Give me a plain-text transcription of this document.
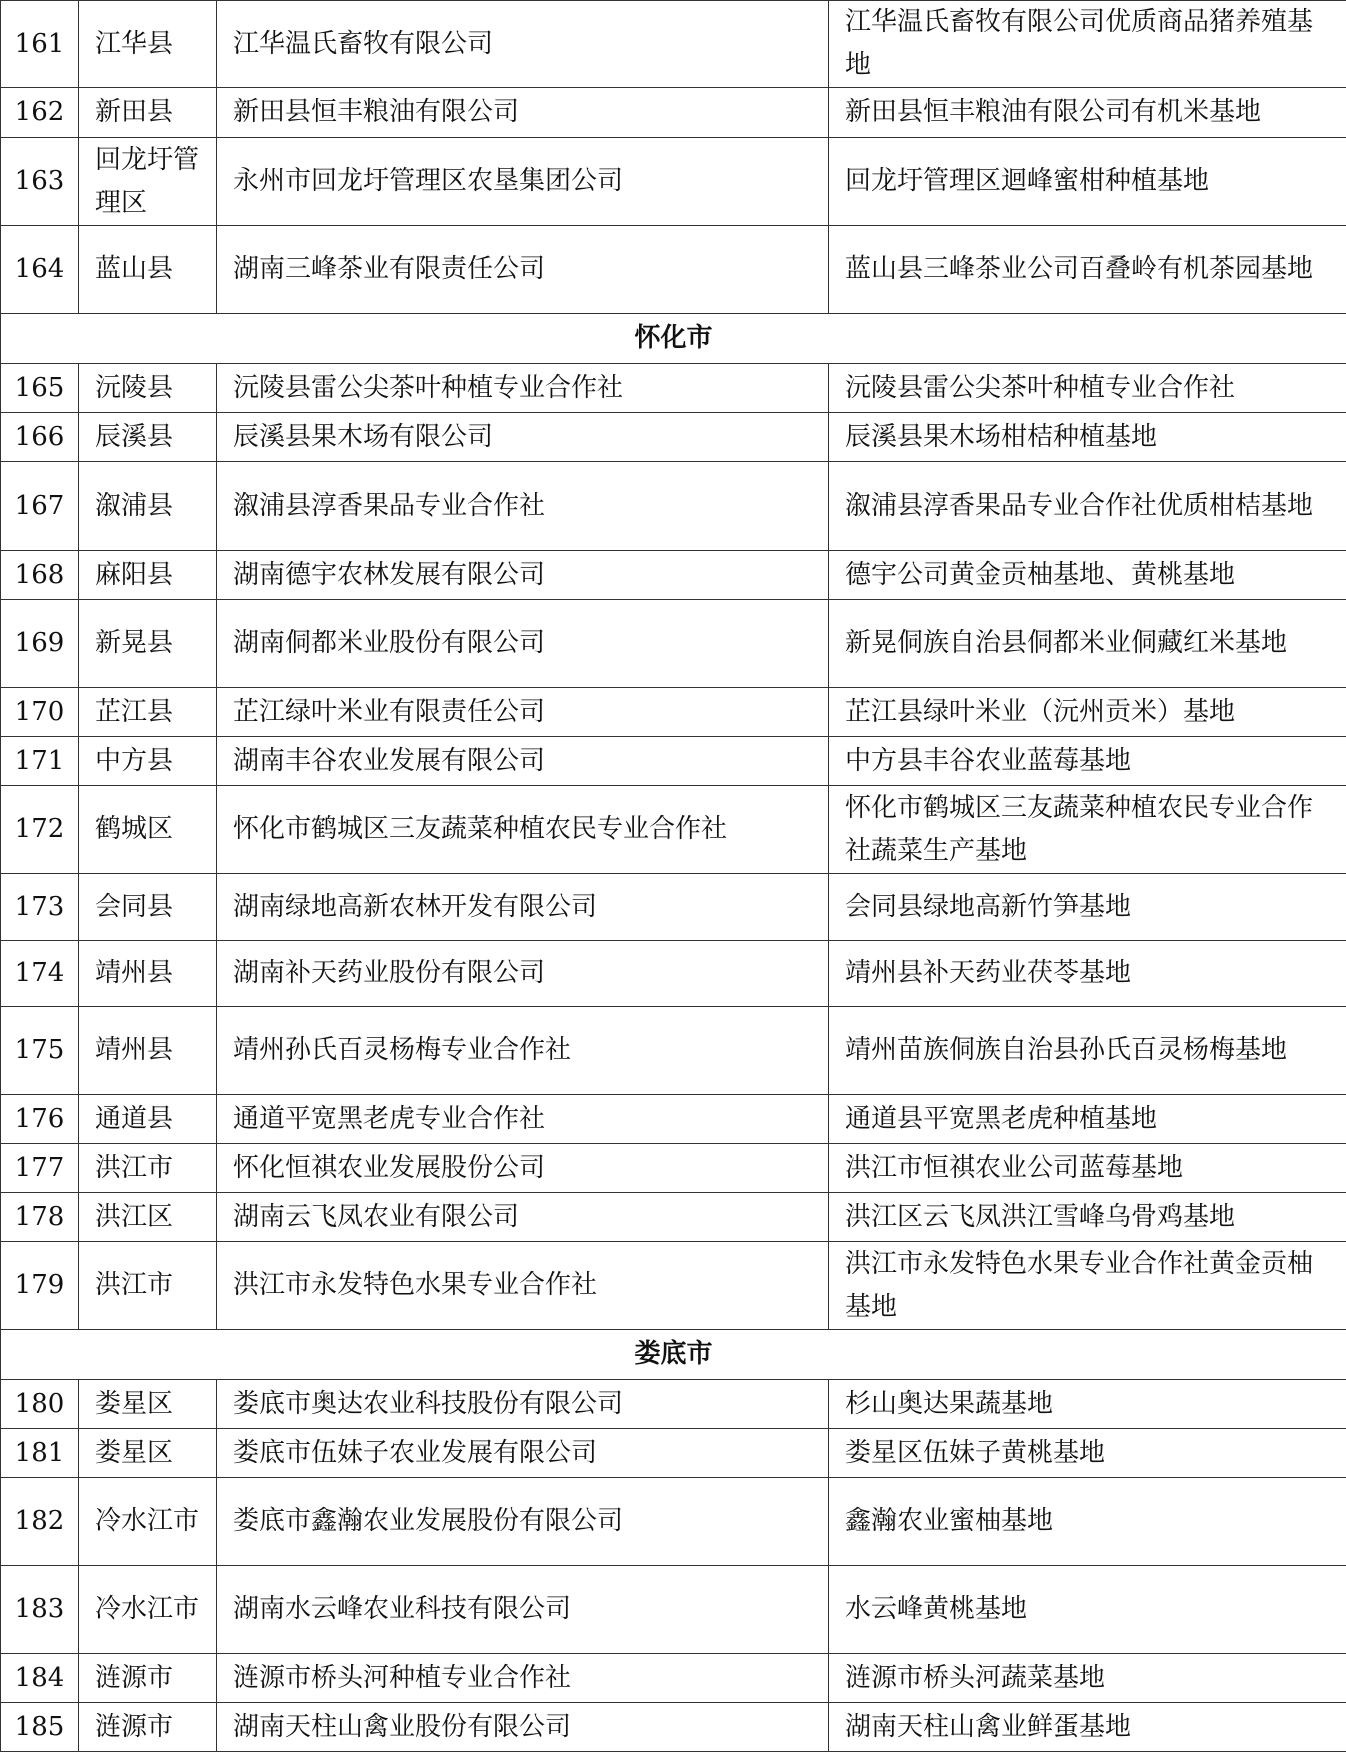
161	江华县	江华温氏畜牧有限公司	江华温氏畜牧有限公司优质商品猪养殖基地
162	新田县	新田县恒丰粮油有限公司	新田县恒丰粮油有限公司有机米基地
163	回龙圩管理区	永州市回龙圩管理区农垦集团公司	回龙圩管理区迴峰蜜柑种植基地
164	蓝山县	湖南三峰茶业有限责任公司	蓝山县三峰茶业公司百叠岭有机茶园基地
怀化市			
165	沅陵县	沅陵县雷公尖茶叶种植专业合作社	沅陵县雷公尖茶叶种植专业合作社
166	辰溪县	辰溪县果木场有限公司	辰溪县果木场柑桔种植基地
167	溆浦县	溆浦县淳香果品专业合作社	溆浦县淳香果品专业合作社优质柑桔基地
168	麻阳县	湖南德宇农林发展有限公司	德宇公司黄金贡柚基地、黄桃基地
169	新晃县	湖南侗都米业股份有限公司	新晃侗族自治县侗都米业侗藏红米基地
170	芷江县	芷江绿叶米业有限责任公司	芷江县绿叶米业（沅州贡米）基地
171	中方县	湖南丰谷农业发展有限公司	中方县丰谷农业蓝莓基地
172	鹤城区	怀化市鹤城区三友蔬菜种植农民专业合作社	怀化市鹤城区三友蔬菜种植农民专业合作社蔬菜生产基地
173	会同县	湖南绿地高新农林开发有限公司	会同县绿地高新竹笋基地
174	靖州县	湖南补天药业股份有限公司	靖州县补天药业茯苓基地
175	靖州县	靖州孙氏百灵杨梅专业合作社	靖州苗族侗族自治县孙氏百灵杨梅基地
176	通道县	通道平宽黑老虎专业合作社	通道县平宽黑老虎种植基地
177	洪江市	怀化恒祺农业发展股份公司	洪江市恒祺农业公司蓝莓基地
178	洪江区	湖南云飞凤农业有限公司	洪江区云飞凤洪江雪峰乌骨鸡基地
179	洪江市	洪江市永发特色水果专业合作社	洪江市永发特色水果专业合作社黄金贡柚基地
娄底市			
180	娄星区	娄底市奥达农业科技股份有限公司	杉山奥达果蔬基地
181	娄星区	娄底市伍妹子农业发展有限公司	娄星区伍妹子黄桃基地
182	冷水江市	娄底市鑫瀚农业发展股份有限公司	鑫瀚农业蜜柚基地
183	冷水江市	湖南水云峰农业科技有限公司	水云峰黄桃基地
184	涟源市	涟源市桥头河种植专业合作社	涟源市桥头河蔬菜基地
185	涟源市	湖南天柱山禽业股份有限公司	湖南天柱山禽业鲜蛋基地
